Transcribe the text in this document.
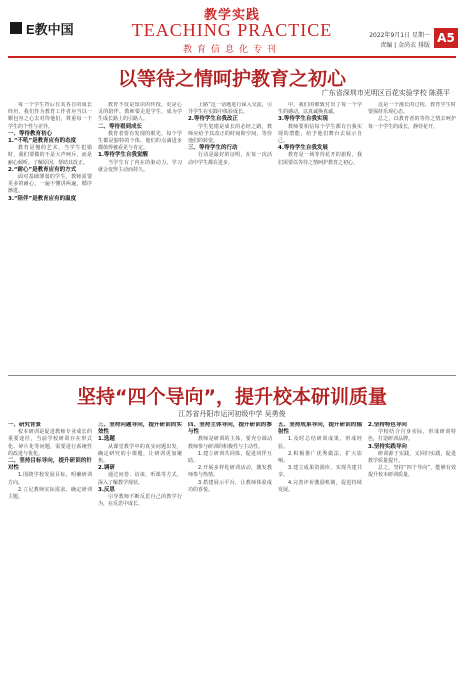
E教中国
教学实践
TEACHING PRACTICE
教育信息化专刊
2022年9月1日 星期一
责编 | 金尚衣 排版
A5
以等待之情呵护教育之初心
广东省深圳市光明区百花实验学校 陈燕平

每一个学生背后有其各自的成长经历，我们作为教育工作者应当以一颗包容之心去对待他们，尊重每一个学生的个性与差异。

一、等待教育初心
1.“不吼”是教育应有的态度

教育是慢的艺术，当学生犯错时，我们要做的不是大声呵斥，而是耐心倾听，了解原因，帮助其改正。

2.“耐心”是教育应有的方式

面对基础薄弱的学生，教师需要更多的耐心，一遍不懂讲两遍，循序渐进。

3.“陪伴”是教育应有的温度

教育不仅是知识的传授，更是心灵的陪伴。教师要走进学生，成为学生成长路上的引路人。

二、等待看到成长

教育者要有发现的眼光，每个学生都是独特的个体，他们的点滴进步都值得被看见与肯定。

1.等待学生自我觉醒

当学生有了内在的驱动力，学习就会变得主动而持久。

上路”这一话题进行深入交流，引导学生在实践中体验成长。

2.等待学生自我改正

学生犯错是成长的必经之路，教师应给予其改正的时间和空间，等待他们的转变。

三、等待学生的行动

行动是最好的证明，在每一次活动中学生都在进步。

中，我们的细致付出了每一个学生的感动，以真诚换真诚。

3.等待学生自我实现

教师要相信每个学生都有自我实现的潜能，给予他们舞台去展示自己。

4.等待学生自我发展

教育是一场等待花开的旅程，我们需要以等待之情呵护教育之初心。

这是一个漫长的过程，教育学生时要保持乐观心态。

总之，以教育者的等待之情去呵护每一个学生的成长，静待花开。

坚持“四个导向”，提升校本研训质量
江苏省丹阳市运河初级中学 吴勇俊
一、研究背景

校本研训是促进教师专业成长的重要途径，当前学校研训存在形式化、碎片化等问题，需要进行系统性的改进与优化。

二、坚持目标导向，提升研训的针对性

1.围绕学校发展目标，明确研训方向。

2.立足教师实际需求，确定研训主题。

三、坚持问题导向，提升研训的实效性
1.选题

从课堂教学中的真实问题出发，确定研究的小课题，让研训更加聚焦。

2.调研

通过问卷、访谈、听课等方式，深入了解教学现状。

3.反思

引导教师不断反思自己的教学行为，在反思中成长。

四、坚持主体导向，提升研训的参与性

教师是研训的主体，要充分调动教师参与研训的积极性与主动性。

1.建立研训共同体，促进同伴互助。

2.开展多样化研训活动，激发教师参与热情。

3.搭建展示平台，让教师体验成功的喜悦。

五、坚持成果导向，提升研训的辐射性

1.及时总结研训成果，形成经验。

2.积极推广优秀做法，扩大影响。

3.建立成果资源库，实现共建共享。

4.完善评价激励机制，促进持续发展。

2.坚持特色导向

学校结合自身实际，形成研训特色，打造研训品牌。

3.坚持实践导向

研训源于实践，又回归实践，促进教学质量提升。

总之，坚持“四个导向”，能够有效提升校本研训质量。
